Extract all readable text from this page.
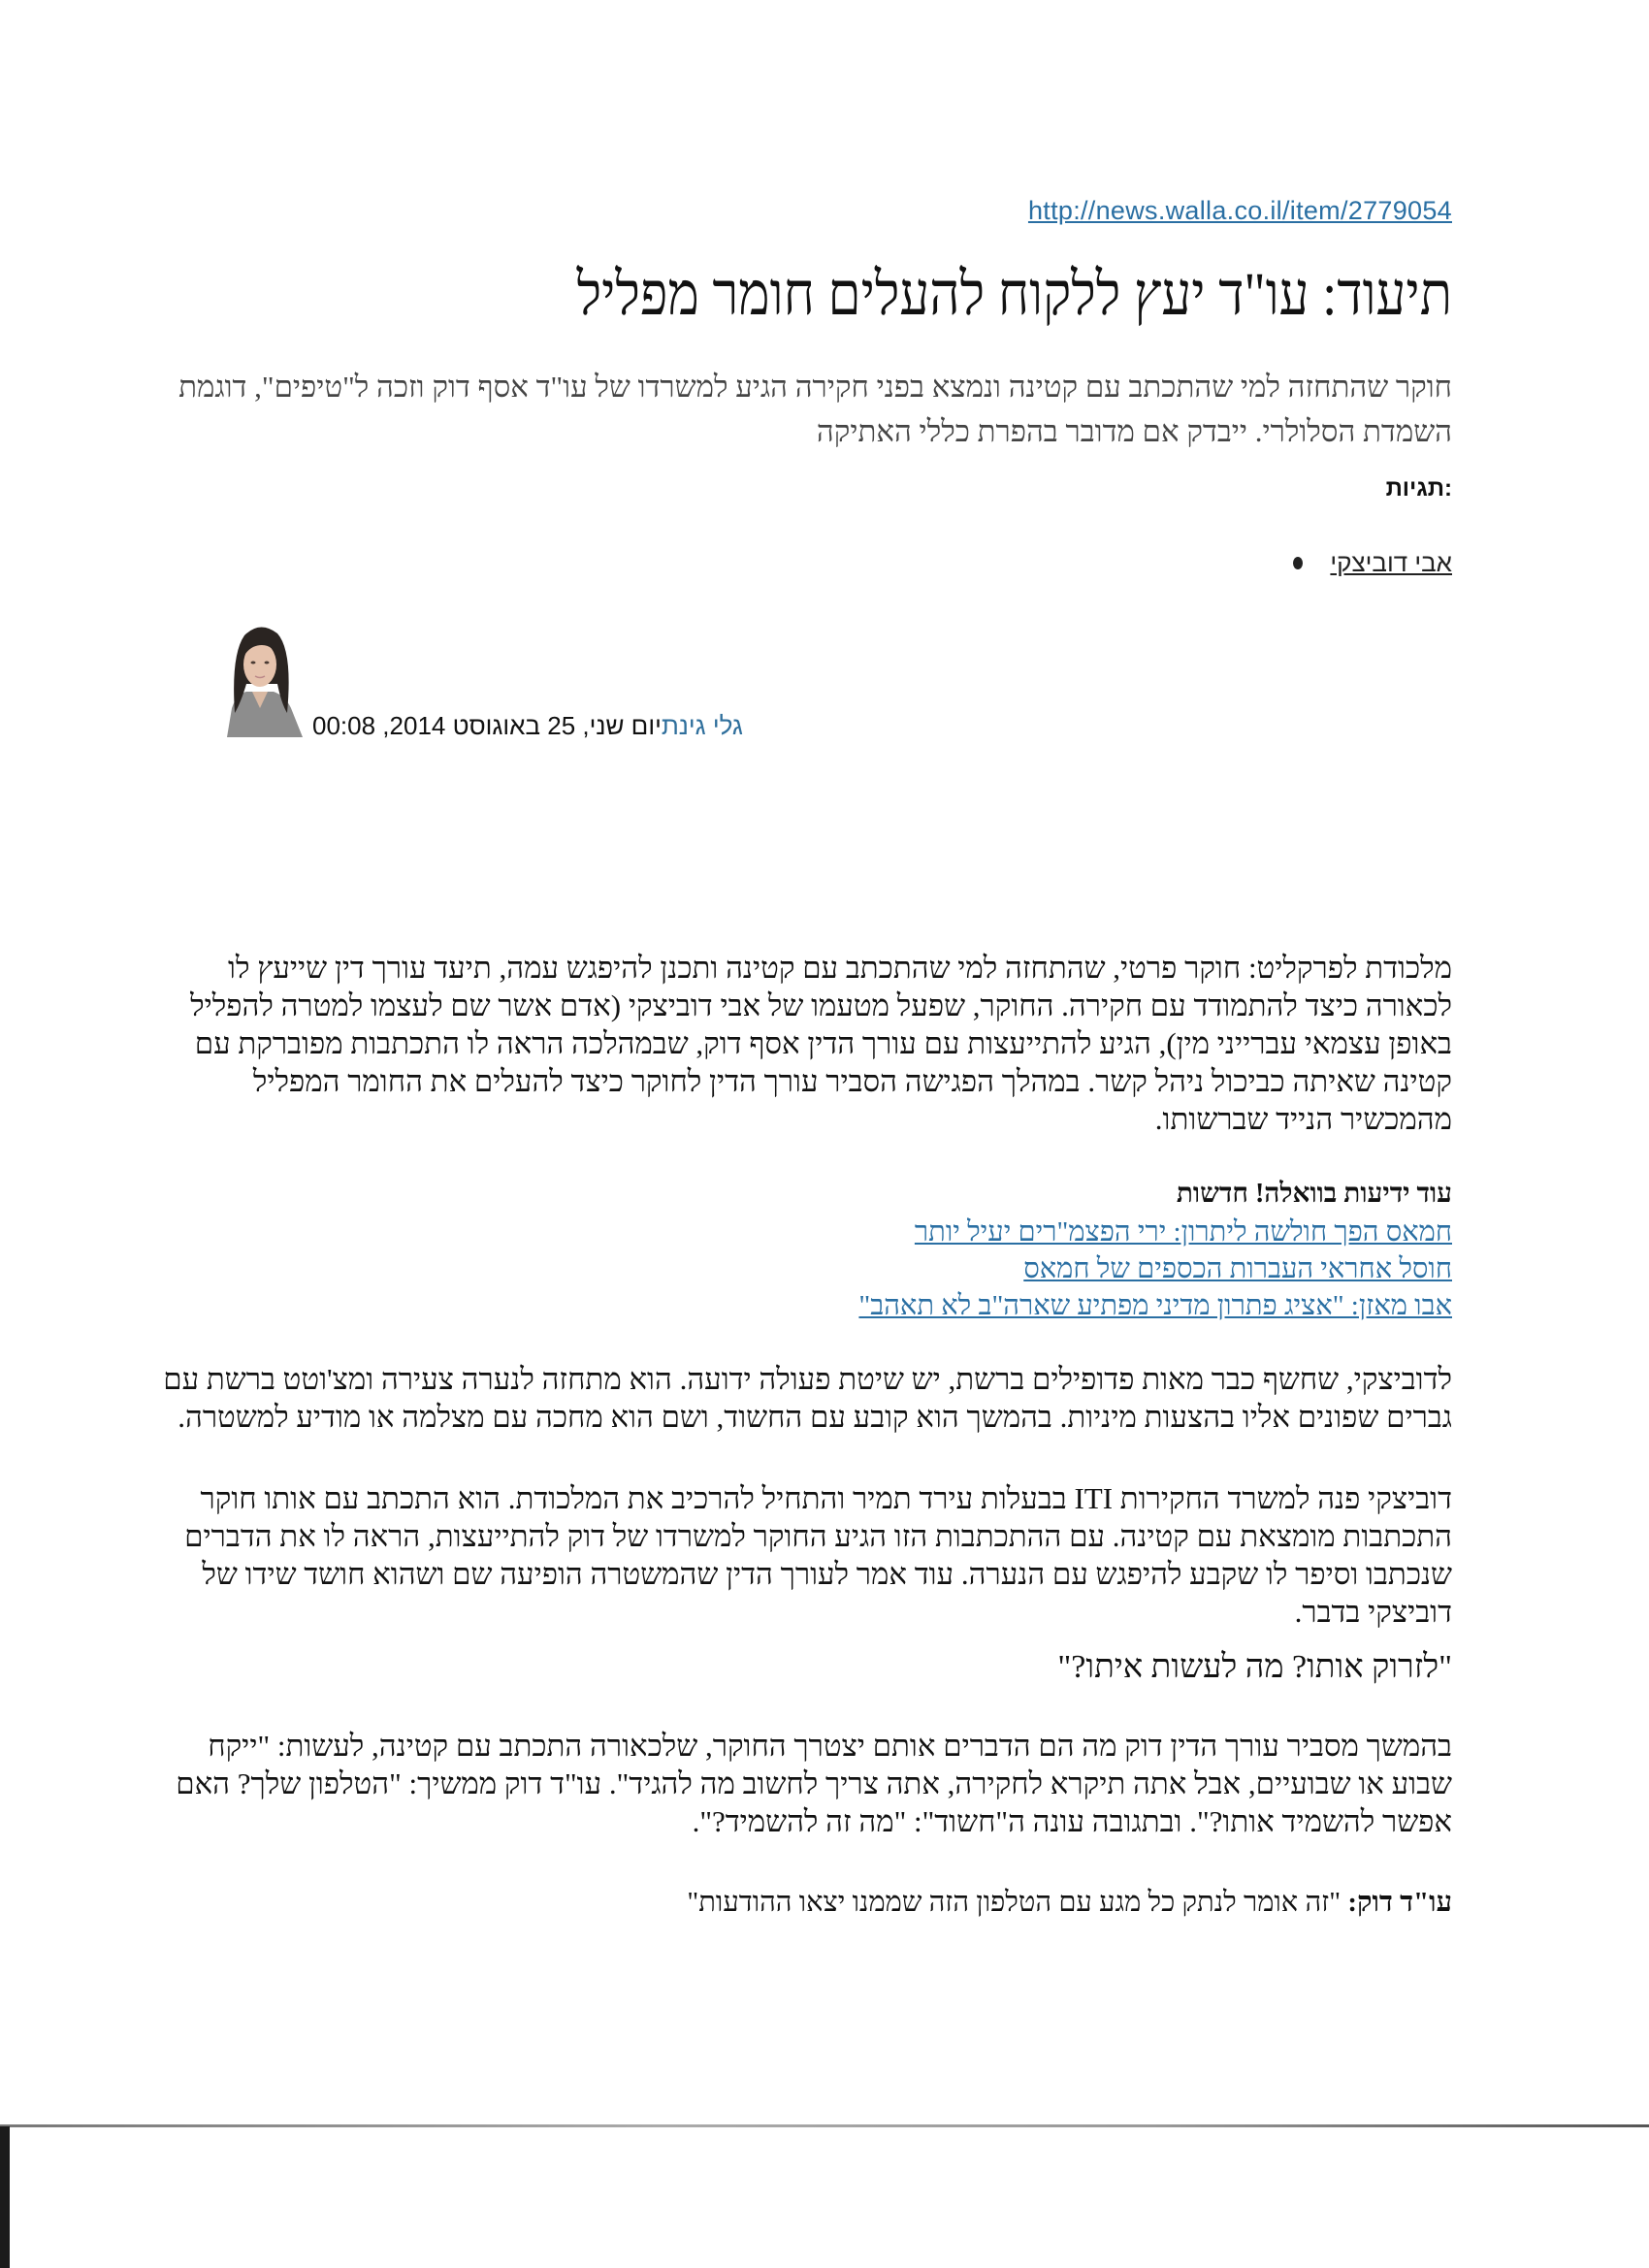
http://news.walla.co.il/item/2779054
תיעוד: עו"ד יעץ ללקוח להעלים חומר מפליל

חוקר שהתחזה למי שהתכתב עם קטינה ונמצא בפני חקירה הגיע למשרדו של עו"ד אסף דוק וזכה ל"טיפים", דוגמת השמדת הסלולרי. ייבדק אם מדובר בהפרת כללי האתיקה

:תגיות
אבי דוביצקי
גלי גינת
יום שני, 25 באוגוסט 2014, 00:08

מלכודת לפרקליט: חוקר פרטי, שהתחזה למי שהתכתב עם קטינה ותכנן להיפגש עמה, תיעד עורך דין שייעץ לו לכאורה כיצד להתמודד עם חקירה. החוקר, שפעל מטעמו של אבי דוביצקי (אדם אשר שם לעצמו למטרה להפליל באופן עצמאי עברייני מין), הגיע להתייעצות עם עורך הדין אסף דוק, שבמהלכה הראה לו התכתבות מפוברקת עם קטינה שאיתה כביכול ניהל קשר. במהלך הפגישה הסביר עורך הדין לחוקר כיצד להעלים את החומר המפליל מהמכשיר הנייד שברשותו.

עוד ידיעות בוואלה! חדשות
חמאס הפך חולשה ליתרון: ירי הפצמ"רים יעיל יותר
חוסל אחראי העברות הכספים של חמאס
אבו מאזן: "אציג פתרון מדיני מפתיע שארה"ב לא תאהב"

לדוביצקי, שחשף כבר מאות פדופילים ברשת, יש שיטת פעולה ידועה. הוא מתחזה לנערה צעירה ומצ'וטט ברשת עם גברים שפונים אליו בהצעות מיניות. בהמשך הוא קובע עם החשוד, ושם הוא מחכה עם מצלמה או מודיע למשטרה.

דוביצקי פנה למשרד החקירות ITI בבעלות עירד תמיר והתחיל להרכיב את המלכודת. הוא התכתב עם אותו חוקר התכתבות מומצאת עם קטינה. עם ההתכתבות הזו הגיע החוקר למשרדו של דוק להתייעצות, הראה לו את הדברים שנכתבו וסיפר לו שקבע להיפגש עם הנערה. עוד אמר לעורך הדין שהמשטרה הופיעה שם ושהוא חושד שידו של דוביצקי בדבר.

"לזרוק אותו? מה לעשות איתו?"

בהמשך מסביר עורך הדין דוק מה הם הדברים אותם יצטרך החוקר, שלכאורה התכתב עם קטינה, לעשות: "ייקח שבוע או שבועיים, אבל אתה תיקרא לחקירה, אתה צריך לחשוב מה להגיד". עו"ד דוק ממשיך: "הטלפון שלך? האם אפשר להשמיד אותו?". ובתגובה עונה ה"חשוד": "מה זה להשמיד?".

עו"ד דוק: "זה אומר לנתק כל מגע עם הטלפון הזה שממנו יצאו ההודעות"
